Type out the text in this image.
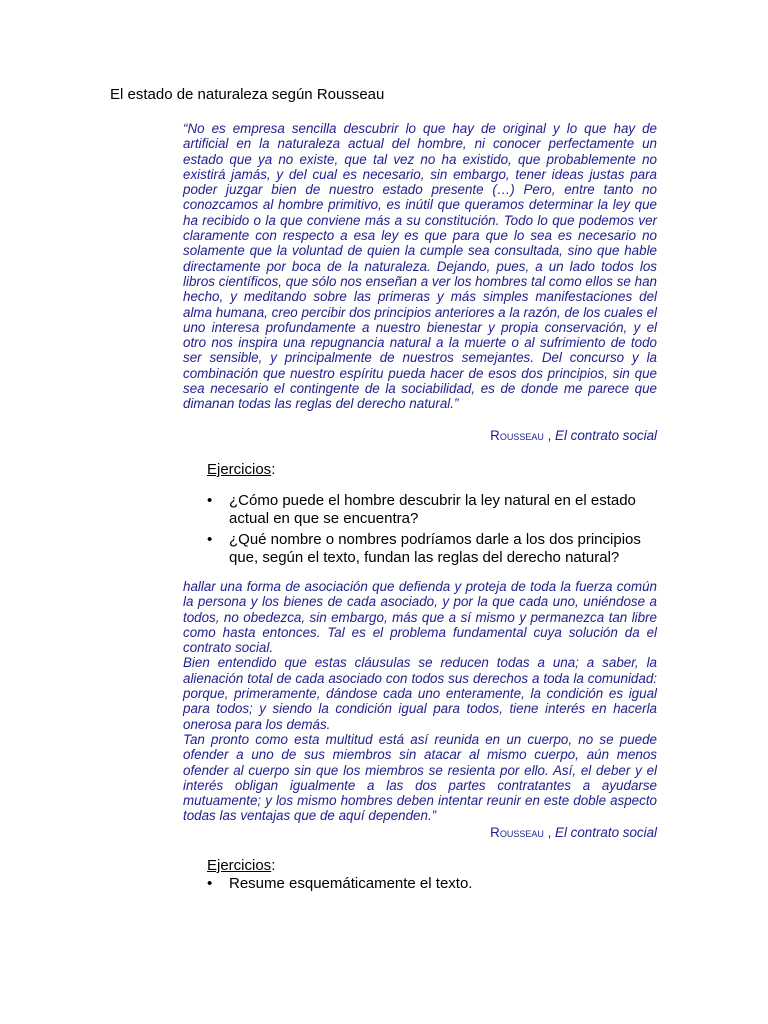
El estado de naturaleza según Rousseau

“No es empresa sencilla descubrir lo que hay de original y lo que hay de artificial en la naturaleza actual del hombre, ni conocer perfectamente un estado que ya no existe, que tal vez no ha existido, que probablemente no existirá jamás, y del cual es necesario, sin embargo, tener ideas justas para poder juzgar bien de nuestro estado presente (…) Pero, entre tanto no conozcamos al hombre primitivo, es inútil que queramos determinar la ley que ha recibido o la que conviene más a su constitución. Todo lo que podemos ver claramente con respecto a esa ley es que para que lo sea es necesario no solamente que la voluntad de quien la cumple sea consultada, sino que hable directamente por boca de la naturaleza. Dejando, pues, a un lado todos los libros científicos, que sólo nos enseñan a ver los hombres tal como ellos se han hecho, y meditando sobre las primeras y más simples manifestaciones del alma humana, creo percibir dos principios anteriores a la razón, de los cuales el uno interesa profundamente a nuestro bienestar y propia conservación, y el otro nos inspira una repugnancia natural a la muerte o al sufrimiento de todo ser sensible, y principalmente de nuestros semejantes. Del concurso y la combinación que nuestro espíritu pueda hacer de esos dos principios, sin que sea necesario el contingente de la sociabilidad, es de donde me parece que dimanan todas las reglas del derecho natural.”

Rousseau , El contrato social
Ejercicios:
•	¿Cómo puede el hombre descubrir la ley natural en el estado actual en que se encuentra?
•	¿Qué nombre o nombres podríamos darle a los dos principios que, según el texto, fundan las reglas del derecho natural?

hallar una forma de asociación que defienda y proteja de toda la fuerza común la persona y los bienes de cada asociado, y por la que cada uno, uniéndose a todos, no obedezca, sin embargo, más que a sí mismo y permanezca tan libre como hasta entonces. Tal es el problema fundamental cuya solución da el contrato social.

Bien entendido que estas cláusulas se reducen todas a una; a saber, la alienación total de cada asociado con todos sus derechos a toda la comunidad: porque, primeramente, dándose cada uno enteramente, la condición es igual para todos; y siendo la condición igual para todos, tiene interés en hacerla onerosa para los demás.

Tan pronto como esta multitud está así reunida en un cuerpo, no se puede ofender a uno de sus miembros sin atacar al mismo cuerpo, aún menos ofender al cuerpo sin que los miembros se resienta por ello. Así, el deber y el interés obligan igualmente a las dos partes contratantes a ayudarse mutuamente; y los mismo hombres deben intentar reunir en este doble aspecto todas las ventajas que de aquí dependen.”

Rousseau , El contrato social
Ejercicios:
•	Resume esquemáticamente el texto.
